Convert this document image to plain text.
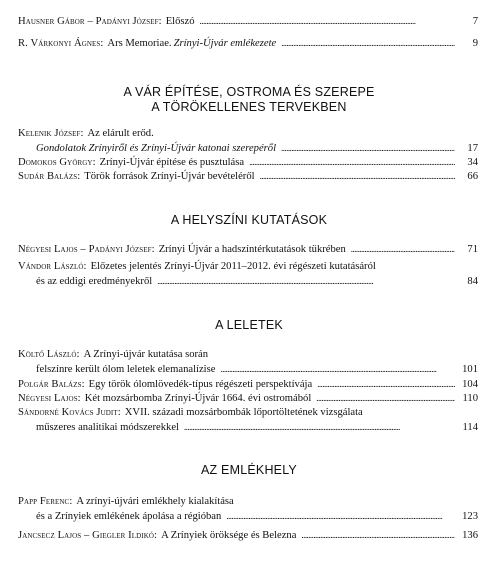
Hausner Gábor – Padányi József: Előszó . . .	7
R. Várkonyi Ágnes: Ars Memoriae. Zrínyi-Újvár emlékezete . . .	9
A VÁR ÉPÍTÉSE, OSTROMA ÉS SZEREPE
A TÖRÖKELLENES TERVEKBEN
Kelenik József: Az elárult erőd.
Gondolatok Zrínyiről és Zrínyi-Újvár katonai szerepéről . . .	17
Domokos György: Zrínyi-Újvár építése és pusztulása . . .	34
Sudár Balázs: Török források Zrínyi-Újvár bevételéről . . .	66
A HELYSZÍNI KUTATÁSOK
Négyesi Lajos – Padányi József: Zrínyi Újvár a hadszíntérkutatások tükrében . . .	71
Vándor László: Előzetes jelentés Zrínyi-Újvár 2011–2012. évi régészeti kutatásáról
és az eddigi eredményekről . . .	84
A LELETEK
Költő László: A Zrínyi-újvár kutatása során
felszínre került ólom leletek elemanalízise . . .	101
Polgár Balázs: Egy török ólomlövedék-típus régészeti perspektívája . . .	104
Négyesi Lajos: Két mozsárbomba Zrínyi-Újvár 1664. évi ostromából . . .	110
Sándorné Kovács Judit: XVII. századi mozsárbombák lőportöltetének vizsgálata
műszeres analitikai módszerekkel . . .	114
AZ EMLÉKHELY
Papp Ferenc: A zrínyi-újvári emlékhely kialakítása
és a Zrínyiek emlékének ápolása a régióban . . .	123
Jancsecz Lajos – Giegler Ildikó: A Zrínyiek öröksége és Belezna . . .	136
